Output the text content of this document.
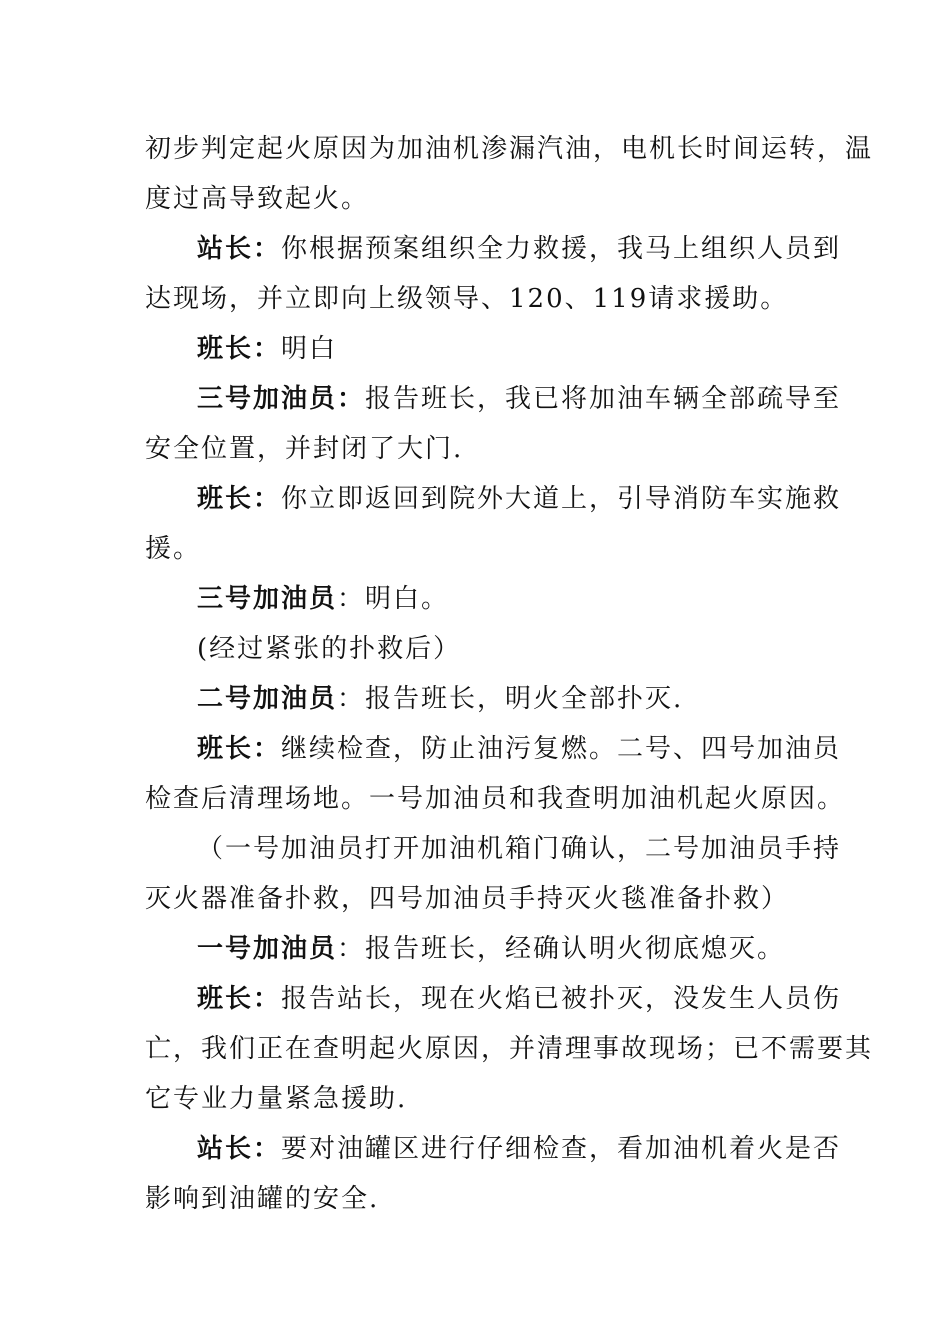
初步判定起火原因为加油机渗漏汽油，电机长时间运转，温
度过高导致起火。
站长：你根据预案组织全力救援，我马上组织人员到
达现场，并立即向上级领导、120、119请求援助。
班长：明白
三号加油员：报告班长，我已将加油车辆全部疏导至
安全位置，并封闭了大门.
班长：你立即返回到院外大道上，引导消防车实施救
援。
三号加油员：明白。
(经过紧张的扑救后）
二号加油员：报告班长，明火全部扑灭.
班长：继续检查，防止油污复燃。二号、四号加油员
检查后清理场地。一号加油员和我查明加油机起火原因。
（一号加油员打开加油机箱门确认，二号加油员手持
灭火器准备扑救，四号加油员手持灭火毯准备扑救）
一号加油员：报告班长，经确认明火彻底熄灭。
班长：报告站长，现在火焰已被扑灭，没发生人员伤
亡，我们正在查明起火原因，并清理事故现场；已不需要其
它专业力量紧急援助.
站长：要对油罐区进行仔细检查，看加油机着火是否
影响到油罐的安全.
